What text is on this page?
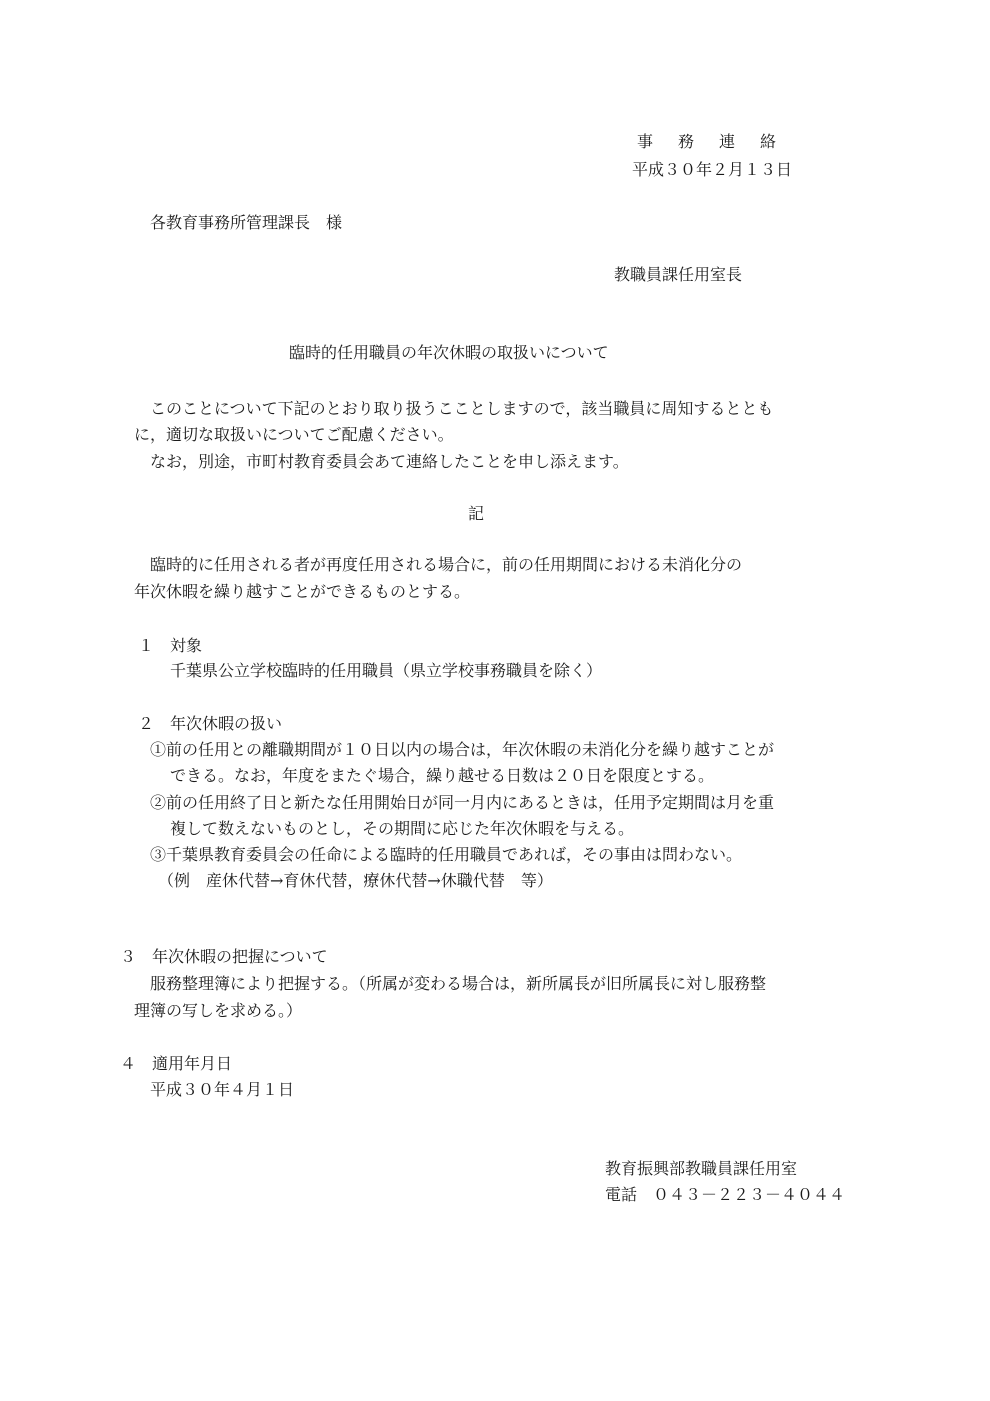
事務連絡
平成３０年２月１３日
各教育事務所管理課長　様
教職員課任用室長
臨時的任用職員の年次休暇の取扱いについて
このことについて下記のとおり取り扱うこことしますので，該当職員に周知するととも
に，適切な取扱いについてご配慮ください。
なお，別途，市町村教育委員会あて連絡したことを申し添えます。
記
臨時的に任用される者が再度任用される場合に，前の任用期間における未消化分の
年次休暇を繰り越すことができるものとする。
１　対象
千葉県公立学校臨時的任用職員（県立学校事務職員を除く）
２　年次休暇の扱い
①前の任用との離職期間が１０日以内の場合は，年次休暇の未消化分を繰り越すことが
できる。なお，年度をまたぐ場合，繰り越せる日数は２０日を限度とする。
②前の任用終了日と新たな任用開始日が同一月内にあるときは，任用予定期間は月を重
複して数えないものとし，その期間に応じた年次休暇を与える。
③千葉県教育委員会の任命による臨時的任用職員であれば，その事由は問わない。
（例　産休代替→育休代替，療休代替→休職代替　等）
３　年次休暇の把握について
服務整理簿により把握する。（所属が変わる場合は，新所属長が旧所属長に対し服務整
理簿の写しを求める。）
４　適用年月日
平成３０年４月１日
教育振興部教職員課任用室
電話　０４３－２２３－４０４４
